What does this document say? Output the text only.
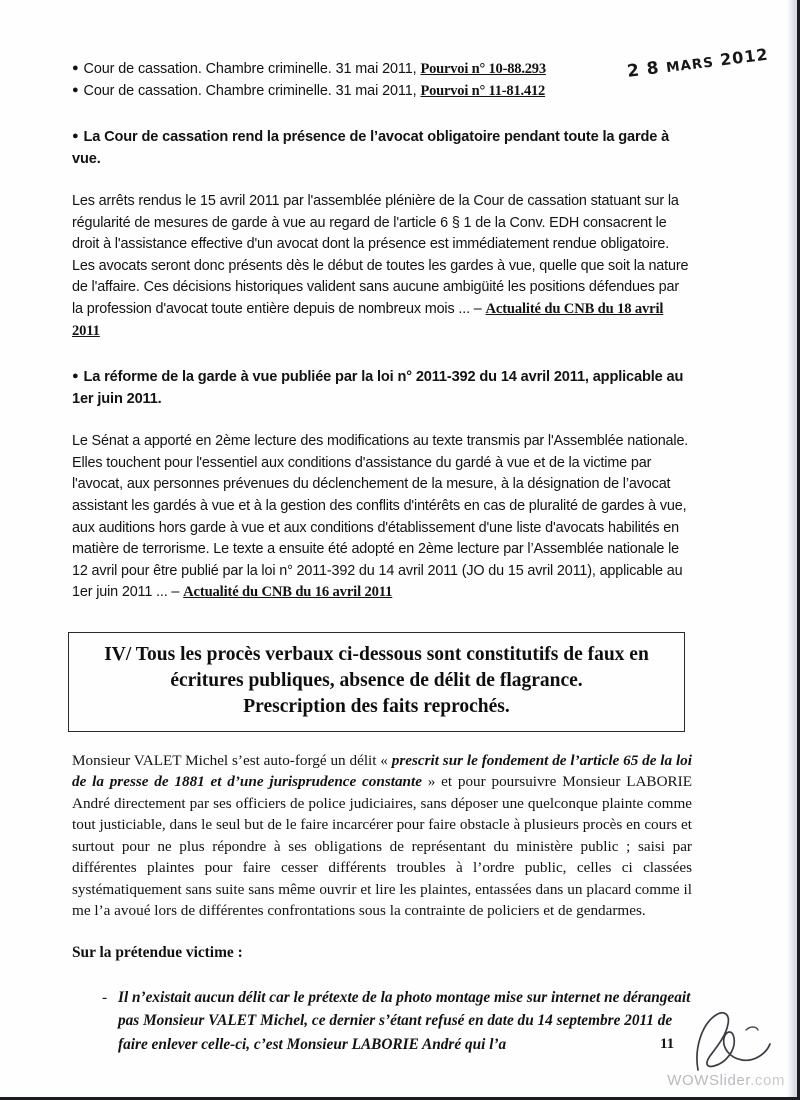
2 8 MARS 2012
● Cour de cassation. Chambre criminelle. 31 mai 2011, Pourvoi n° 10-88.293
● Cour de cassation. Chambre criminelle. 31 mai 2011, Pourvoi n° 11-81.412
● La Cour de cassation rend la présence de l’avocat obligatoire pendant toute la garde à vue.
Les arrêts rendus le 15 avril 2011 par l'assemblée plénière de la Cour de cassation statuant sur la régularité de mesures de garde à vue au regard de l'article 6 § 1 de la Conv. EDH consacrent le droit à l'assistance effective d'un avocat dont la présence est immédiatement rendue obligatoire. Les avocats seront donc présents dès le début de toutes les gardes à vue, quelle que soit la nature de l'affaire. Ces décisions historiques valident sans aucune ambigüité les positions défendues par la profession d'avocat toute entière depuis de nombreux mois ... – Actualité du CNB du 18 avril 2011
● La réforme de la garde à vue publiée par la loi n° 2011-392 du 14 avril 2011, applicable au 1er juin 2011.
Le Sénat a apporté en 2ème lecture des modifications au texte transmis par l'Assemblée nationale. Elles touchent pour l'essentiel aux conditions d'assistance du gardé à vue et de la victime par l'avocat, aux personnes prévenues du déclenchement de la mesure, à la désignation de l’avocat assistant les gardés à vue et à la gestion des conflits d'intérêts en cas de pluralité de gardes à vue, aux auditions hors garde à vue et aux conditions d'établissement d'une liste d'avocats habilités en matière de terrorisme. Le texte a ensuite été adopté en 2ème lecture par l’Assemblée nationale le 12 avril pour être publié par la loi n° 2011-392 du 14 avril 2011 (JO du 15 avril 2011), applicable au 1er juin 2011 ... – Actualité du CNB du 16 avril 2011
IV/ Tous les procès verbaux ci-dessous sont constitutifs de faux en
écritures publiques, absence de délit de flagrance.
Prescription des faits reprochés.
Monsieur VALET Michel s’est auto-forgé un délit « prescrit sur le fondement de l’article 65 de la loi de la presse de 1881 et d’une jurisprudence constante » et pour poursuivre Monsieur LABORIE André directement par ses officiers de police judiciaires, sans déposer une quelconque plainte comme tout justiciable, dans le seul but de le faire incarcérer pour faire obstacle à plusieurs procès en cours et surtout pour ne plus répondre à ses obligations de représentant du ministère public ; saisi par différentes plaintes pour faire cesser différents troubles à l’ordre public, celles ci classées systématiquement sans suite sans même ouvrir et lire les plaintes, entassées dans un placard comme il me l’a avoué lors de différentes confrontations sous la contrainte de policiers et de gendarmes.
Sur la prétendue victime :
- Il n’existait aucun délit car le prétexte de la photo montage mise sur internet ne dérangeait pas Monsieur VALET Michel, ce dernier s’étant refusé en date du 14 septembre 2011 de faire enlever celle-ci, c’est Monsieur LABORIE André qui l’a	11
WOWSlider.com
